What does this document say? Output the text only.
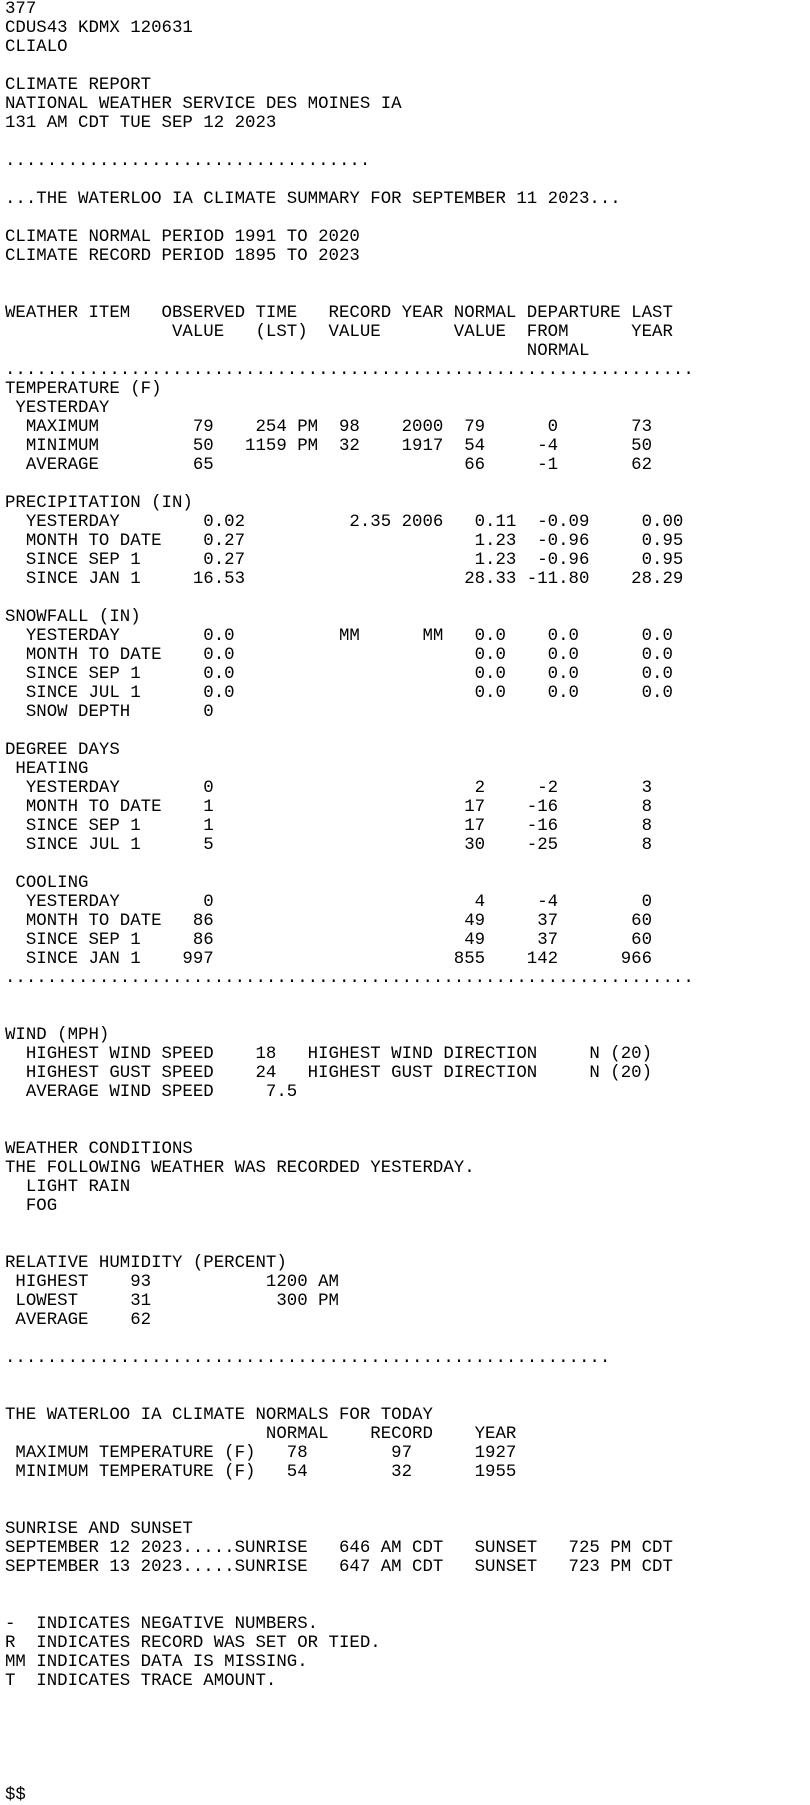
377
CDUS43 KDMX 120631
CLIALO
CLIMATE REPORT
NATIONAL WEATHER SERVICE DES MOINES IA
131 AM CDT TUE SEP 12 2023
...................................
...THE WATERLOO IA CLIMATE SUMMARY FOR SEPTEMBER 11 2023...
CLIMATE NORMAL PERIOD 1991 TO 2020
CLIMATE RECORD PERIOD 1895 TO 2023
WEATHER ITEM   OBSERVED TIME   RECORD YEAR NORMAL DEPARTURE LAST
VALUE   (LST)  VALUE       VALUE  FROM      YEAR
NORMAL
..................................................................
TEMPERATURE (F)
YESTERDAY
MAXIMUM         79    254 PM  98    2000  79      0       73
MINIMUM         50   1159 PM  32    1917  54     -4       50
AVERAGE         65                        66     -1       62
PRECIPITATION (IN)
YESTERDAY        0.02          2.35 2006   0.11  -0.09     0.00
MONTH TO DATE    0.27                      1.23  -0.96     0.95
SINCE SEP 1      0.27                      1.23  -0.96     0.95
SINCE JAN 1     16.53                     28.33 -11.80    28.29
SNOWFALL (IN)
YESTERDAY        0.0          MM      MM   0.0    0.0      0.0
MONTH TO DATE    0.0                       0.0    0.0      0.0
SINCE SEP 1      0.0                       0.0    0.0      0.0
SINCE JUL 1      0.0                       0.0    0.0      0.0
SNOW DEPTH       0
DEGREE DAYS
HEATING
YESTERDAY        0                         2     -2        3
MONTH TO DATE    1                        17    -16        8
SINCE SEP 1      1                        17    -16        8
SINCE JUL 1      5                        30    -25        8
COOLING
YESTERDAY        0                         4     -4        0
MONTH TO DATE   86                        49     37       60
SINCE SEP 1     86                        49     37       60
SINCE JAN 1    997                       855    142      966
..................................................................
WIND (MPH)
HIGHEST WIND SPEED    18   HIGHEST WIND DIRECTION     N (20)
HIGHEST GUST SPEED    24   HIGHEST GUST DIRECTION     N (20)
AVERAGE WIND SPEED     7.5
WEATHER CONDITIONS
THE FOLLOWING WEATHER WAS RECORDED YESTERDAY.
LIGHT RAIN
FOG
RELATIVE HUMIDITY (PERCENT)
HIGHEST    93           1200 AM
LOWEST     31            300 PM
AVERAGE    62
..........................................................
THE WATERLOO IA CLIMATE NORMALS FOR TODAY
NORMAL    RECORD    YEAR
MAXIMUM TEMPERATURE (F)   78        97      1927
MINIMUM TEMPERATURE (F)   54        32      1955
SUNRISE AND SUNSET
SEPTEMBER 12 2023.....SUNRISE   646 AM CDT   SUNSET   725 PM CDT
SEPTEMBER 13 2023.....SUNRISE   647 AM CDT   SUNSET   723 PM CDT
-  INDICATES NEGATIVE NUMBERS.
R  INDICATES RECORD WAS SET OR TIED.
MM INDICATES DATA IS MISSING.
T  INDICATES TRACE AMOUNT.
$$
